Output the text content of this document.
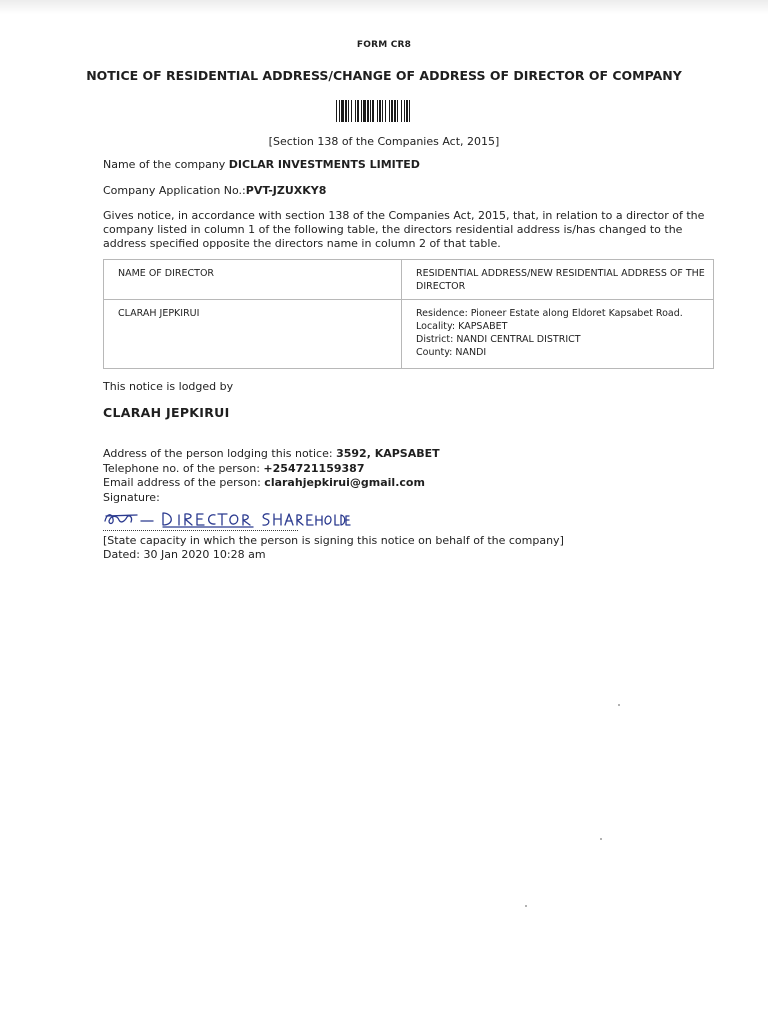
FORM CR8
NOTICE OF RESIDENTIAL ADDRESS/CHANGE OF ADDRESS OF DIRECTOR OF COMPANY
[Section 138 of the Companies Act, 2015]
Name of the company DICLAR INVESTMENTS LIMITED
Company Application No.:PVT-JZUXKY8
Gives notice, in accordance with section 138 of the Companies Act, 2015, that, in relation to a director of the company listed in column 1 of the following table, the directors residential address is/has changed to the address specified opposite the directors name in column 2 of that table.
NAME OF DIRECTOR	RESIDENTIAL ADDRESS/NEW RESIDENTIAL ADDRESS OF THE DIRECTOR
CLARAH JEPKIRUI	Residence: Pioneer Estate along Eldoret Kapsabet Road.
Locality: KAPSABET
District: NANDI CENTRAL DISTRICT
County: NANDI
This notice is lodged by
CLARAH JEPKIRUI
Address of the person lodging this notice: 3592, KAPSABET
Telephone no. of the person: +254721159387
Email address of the person: clarahjepkirui@gmail.com
Signature:
[State capacity in which the person is signing this notice on behalf of the company]
Dated: 30 Jan 2020 10:28 am
